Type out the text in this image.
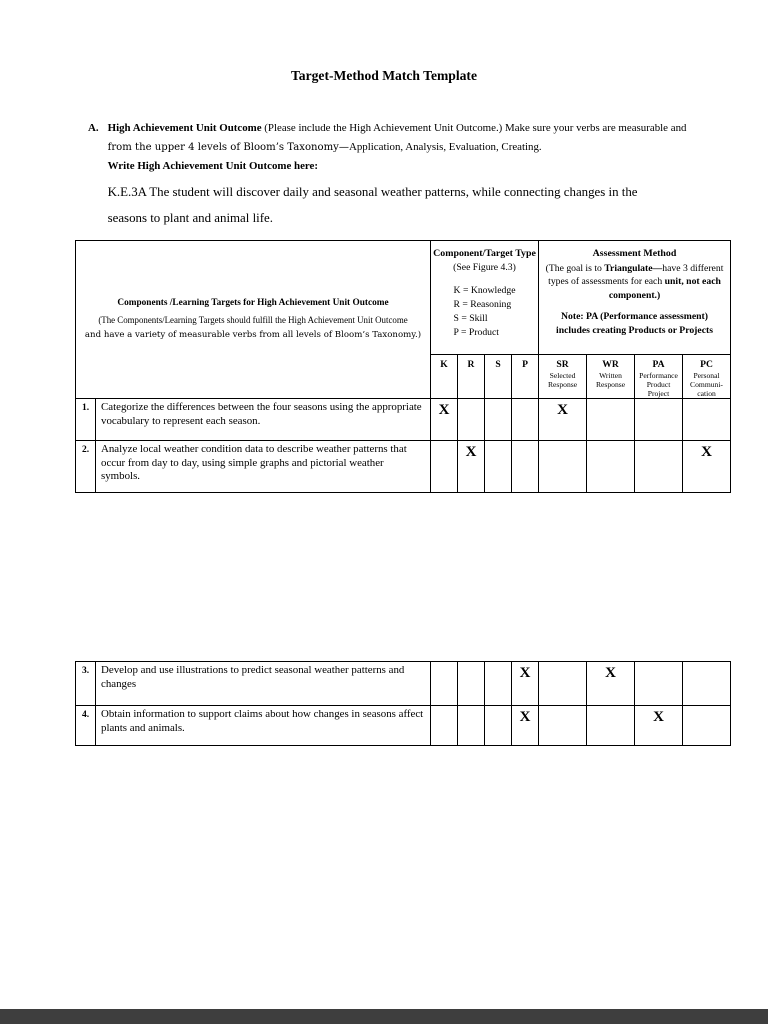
Target-Method Match Template
A. High Achievement Unit Outcome (Please include the High Achievement Unit Outcome.) Make sure your verbs are measurable and
from the upper 4 levels of Bloom’s Taxonomy—Application, Analysis, Evaluation, Creating.
Write High Achievement Unit Outcome here:
K.E.3A The student will discover daily and seasonal weather patterns, while connecting changes in the
seasons to plant and animal life.
Components /Learning Targets for High Achievement Unit Outcome
(The Components/Learning Targets should fulfill the High Achievement Unit Outcome
and have a variety of measurable verbs from all levels of Bloom’s Taxonomy.)

Component/Target Type
(See Figure 4.3)
K = Knowledge
R = Reasoning
S = Skill
P = Product

Assessment Method
(The goal is to Triangulate—have 3 different types of assessments for each unit, not each component.)
Note: PA (Performance assessment)
includes creating Products or Projects

K	R	S	P	SR
Selected
Response

WR
Written
Response

PA
Performance
Product
Project

PC
Personal
Communi-
cation

1.	Categorize the differences between the four seasons using the appropriate vocabulary to represent each season.	X				X			
2.	Analyze local weather condition data to describe weather patterns that occur from day to day, using simple graphs and pictorial weather symbols.		X						X
3.	Develop and use illustrations to predict seasonal weather patterns and changes				X		X		
4.	Obtain information to support claims about how changes in seasons affect plants and animals.				X			X	
